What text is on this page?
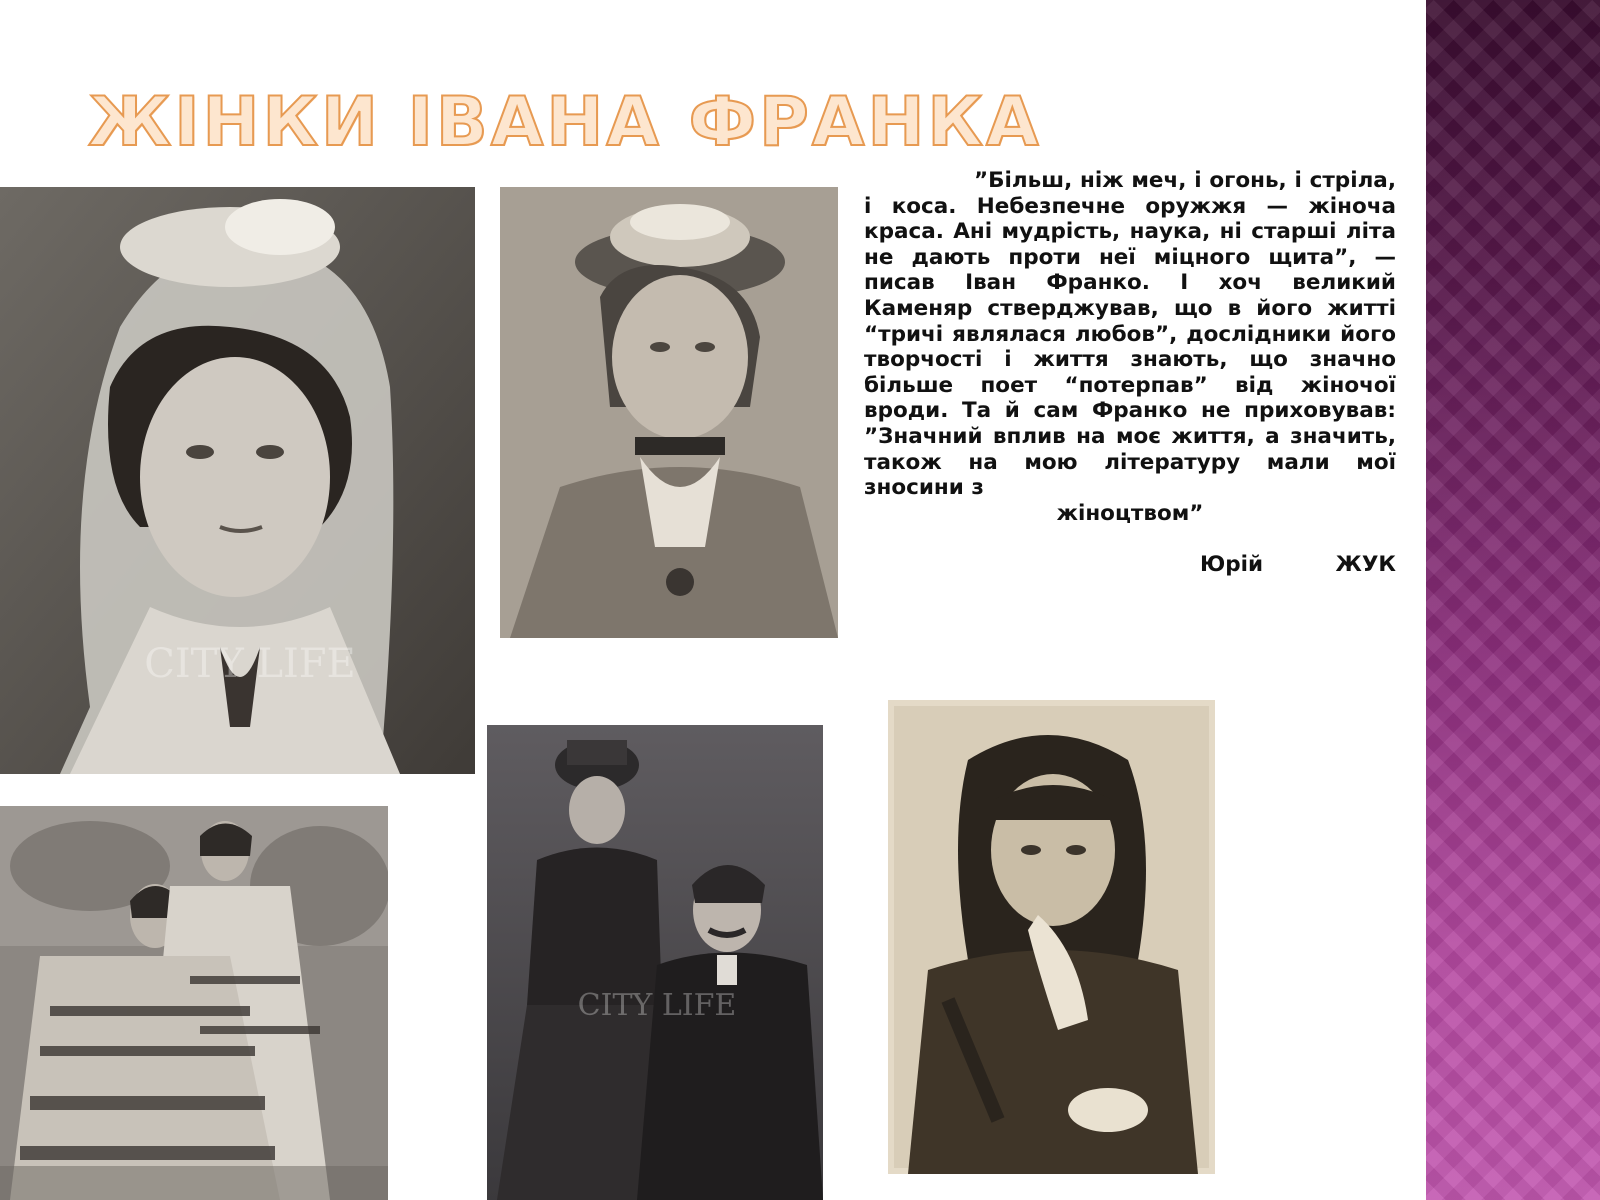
ЖІНКИ ІВАНА ФРАНКА
CITY LIFE
CITY LIFE
”Більш, ніж меч, і огонь, і стріла, і коса. Небезпечне оружжя — жіноча краса. Ані мудрість, наука, ні старші літа не дають проти неї міцного щита”, — писав Іван Франко. І хоч великий Каменяр стверджував, що в його житті “тричі являлася любов”, дослідники його творчості і життя знають, що значно більше поет “потерпав” від жіночої вроди. Та й сам Франко не приховував: ”Значний вплив на моє життя, а значить, також на мою літературу мали мої зносини з
жіноцтвом”
Юрій	ЖУК
